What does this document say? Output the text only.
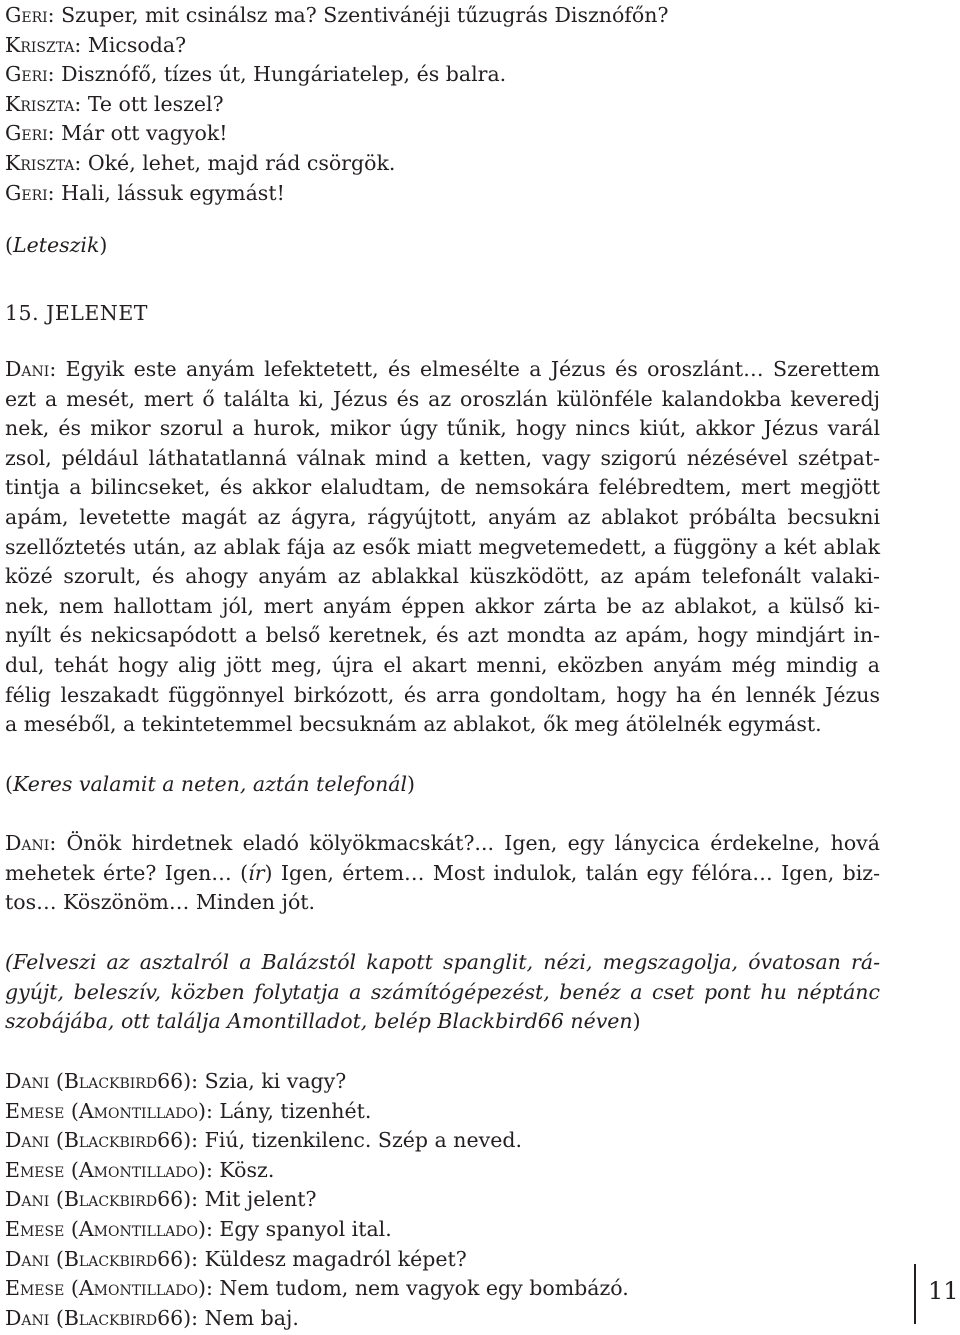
Geri: Szuper, mit csinálsz ma? Szentivánéji tűzugrás Disznófőn?
Kriszta: Micsoda?
Geri: Disznófő, tízes út, Hungáriatelep, és balra.
Kriszta: Te ott leszel?
Geri: Már ott vagyok!
Kriszta: Oké, lehet, majd rád csörgök.
Geri: Hali, lássuk egymást!
(Leteszik)
15. JELENET
Dani: Egyik este anyám lefektetett, és elmesélte a Jézus és oroszlánt… Szerettem
ezt a mesét, mert ő találta ki, Jézus és az oroszlán különféle kalandokba keveredj
nek, és mikor szorul a hurok, mikor úgy tűnik, hogy nincs kiút, akkor Jézus varál
zsol, például láthatatlanná válnak mind a ketten, vagy szigorú nézésével szétpat-
tintja a bilincseket, és akkor elaludtam, de nemsokára felébredtem, mert megjött
apám, levetette magát az ágyra, rágyújtott, anyám az ablakot próbálta becsukni
szellőztetés után, az ablak fája az esők miatt megvetemedett, a függöny a két ablak
közé szorult, és ahogy anyám az ablakkal küszködött, az apám telefonált valaki-
nek, nem hallottam jól, mert anyám éppen akkor zárta be az ablakot, a külső ki-
nyílt és nekicsapódott a belső keretnek, és azt mondta az apám, hogy mindjárt in-
dul, tehát hogy alig jött meg, újra el akart menni, eközben anyám még mindig a
félig leszakadt függönnyel birkózott, és arra gondoltam, hogy ha én lennék Jézus
a meséből, a tekintetemmel becsuknám az ablakot, ők meg átölelnék egymást.
(Keres valamit a neten, aztán telefonál)
Dani: Önök hirdetnek eladó kölyökmacskát?... Igen, egy lánycica érdekelne, hová
mehetek érte? Igen… (ír) Igen, értem… Most indulok, talán egy félóra… Igen, biz-
tos… Köszönöm… Minden jót.
(Felveszi az asztalról a Balázstól kapott spanglit, nézi, megszagolja, óvatosan rá-
gyújt, beleszív, közben folytatja a számítógépezést, benéz a cset pont hu néptánc
szobájába, ott találja Amontilladot, belép Blackbird66 néven)
Dani (Blackbird66): Szia, ki vagy?
Emese (Amontillado): Lány, tizenhét.
Dani (Blackbird66): Fiú, tizenkilenc. Szép a neved.
Emese (Amontillado): Kösz.
Dani (Blackbird66): Mit jelent?
Emese (Amontillado): Egy spanyol ital.
Dani (Blackbird66): Küldesz magadról képet?
Emese (Amontillado): Nem tudom, nem vagyok egy bombázó.
Dani (Blackbird66): Nem baj.
11
